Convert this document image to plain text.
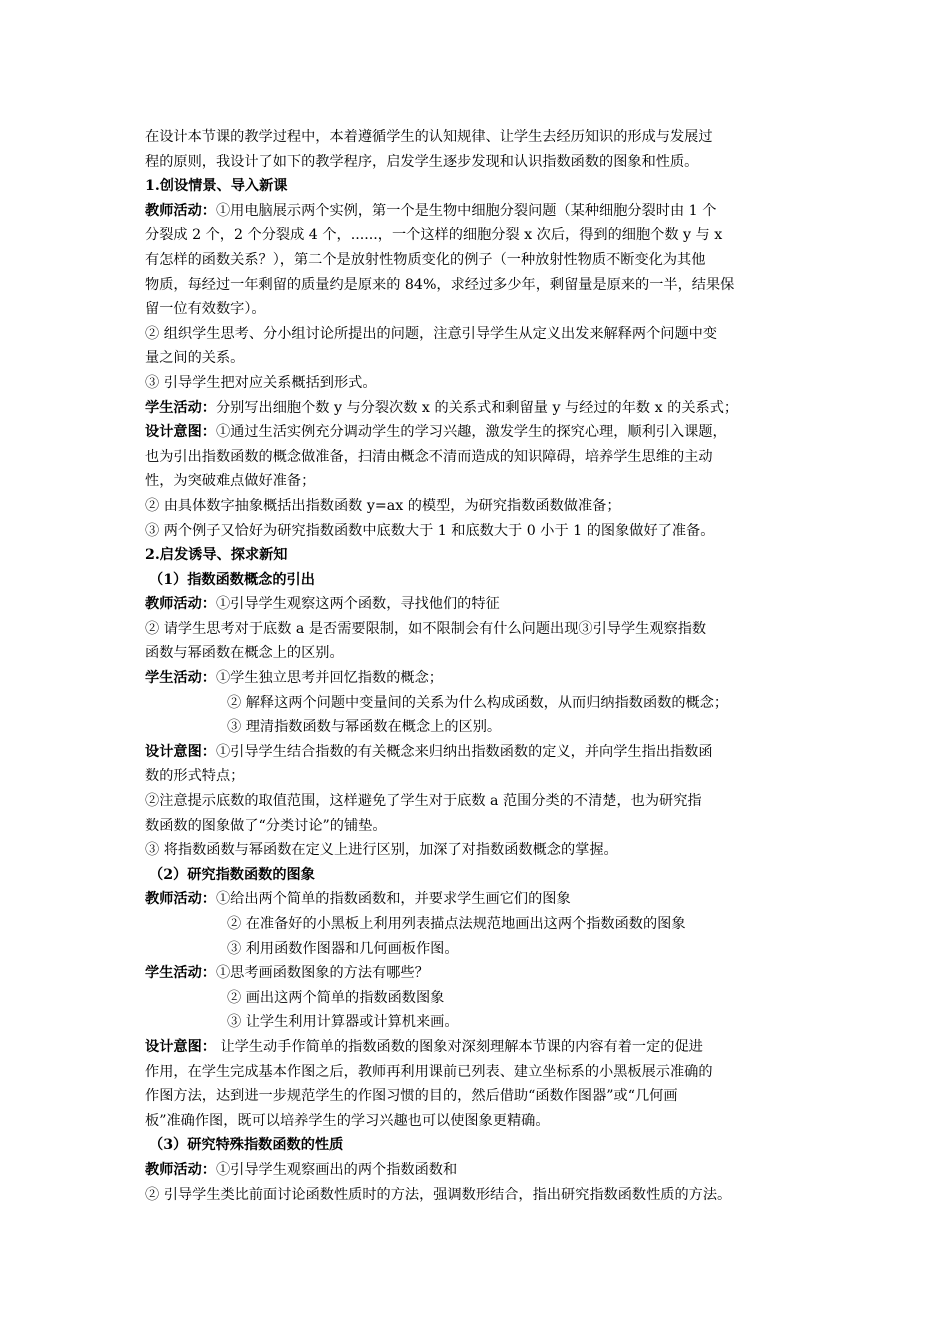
在设计本节课的教学过程中，本着遵循学生的认知规律、让学生去经历知识的形成与发展过

程的原则，我设计了如下的教学程序，启发学生逐步发现和认识指数函数的图象和性质。

1.创设情景、导入新课

教师活动：①用电脑展示两个实例，第一个是生物中细胞分裂问题（某种细胞分裂时由 1 个

分裂成 2 个，2 个分裂成 4 个，......，一个这样的细胞分裂 x 次后，得到的细胞个数 y 与 x

有怎样的函数关系？），第二个是放射性物质变化的例子（一种放射性物质不断变化为其他

物质，每经过一年剩留的质量约是原来的 84%，求经过多少年，剩留量是原来的一半，结果保

留一位有效数字）。

② 组织学生思考、分小组讨论所提出的问题，注意引导学生从定义出发来解释两个问题中变

量之间的关系。

③ 引导学生把对应关系概括到形式。

学生活动：分别写出细胞个数 y 与分裂次数 x 的关系式和剩留量 y 与经过的年数 x 的关系式；

设计意图：①通过生活实例充分调动学生的学习兴趣，激发学生的探究心理，顺利引入课题，

也为引出指数函数的概念做准备，扫清由概念不清而造成的知识障碍，培养学生思维的主动

性，为突破难点做好准备；

② 由具体数字抽象概括出指数函数 y=ax 的模型，为研究指数函数做准备；

③ 两个例子又恰好为研究指数函数中底数大于 1 和底数大于 0 小于 1 的图象做好了准备。

2.启发诱导、探求新知

（1）指数函数概念的引出

教师活动：①引导学生观察这两个函数，寻找他们的特征

② 请学生思考对于底数 a 是否需要限制，如不限制会有什么问题出现③引导学生观察指数

函数与幂函数在概念上的区别。

学生活动：①学生独立思考并回忆指数的概念；

② 解释这两个问题中变量间的关系为什么构成函数，从而归纳指数函数的概念；

③ 理清指数函数与幂函数在概念上的区别。

设计意图：①引导学生结合指数的有关概念来归纳出指数函数的定义，并向学生指出指数函

数的形式特点；

②注意提示底数的取值范围，这样避免了学生对于底数 a 范围分类的不清楚，也为研究指

数函数的图象做了“分类讨论”的铺垫。

③ 将指数函数与幂函数在定义上进行区别，加深了对指数函数概念的掌握。

（2）研究指数函数的图象

教师活动：①给出两个简单的指数函数和，并要求学生画它们的图象

② 在准备好的小黑板上利用列表描点法规范地画出这两个指数函数的图象

③ 利用函数作图器和几何画板作图。

学生活动：①思考画函数图象的方法有哪些？

② 画出这两个简单的指数函数图象

③ 让学生利用计算器或计算机来画。

设计意图： 让学生动手作简单的指数函数的图象对深刻理解本节课的内容有着一定的促进

作用，在学生完成基本作图之后，教师再利用课前已列表、建立坐标系的小黑板展示准确的

作图方法，达到进一步规范学生的作图习惯的目的，然后借助“函数作图器”或“几何画

板”准确作图，既可以培养学生的学习兴趣也可以使图象更精确。

（3）研究特殊指数函数的性质

教师活动：①引导学生观察画出的两个指数函数和

② 引导学生类比前面讨论函数性质时的方法，强调数形结合，指出研究指数函数性质的方法。
